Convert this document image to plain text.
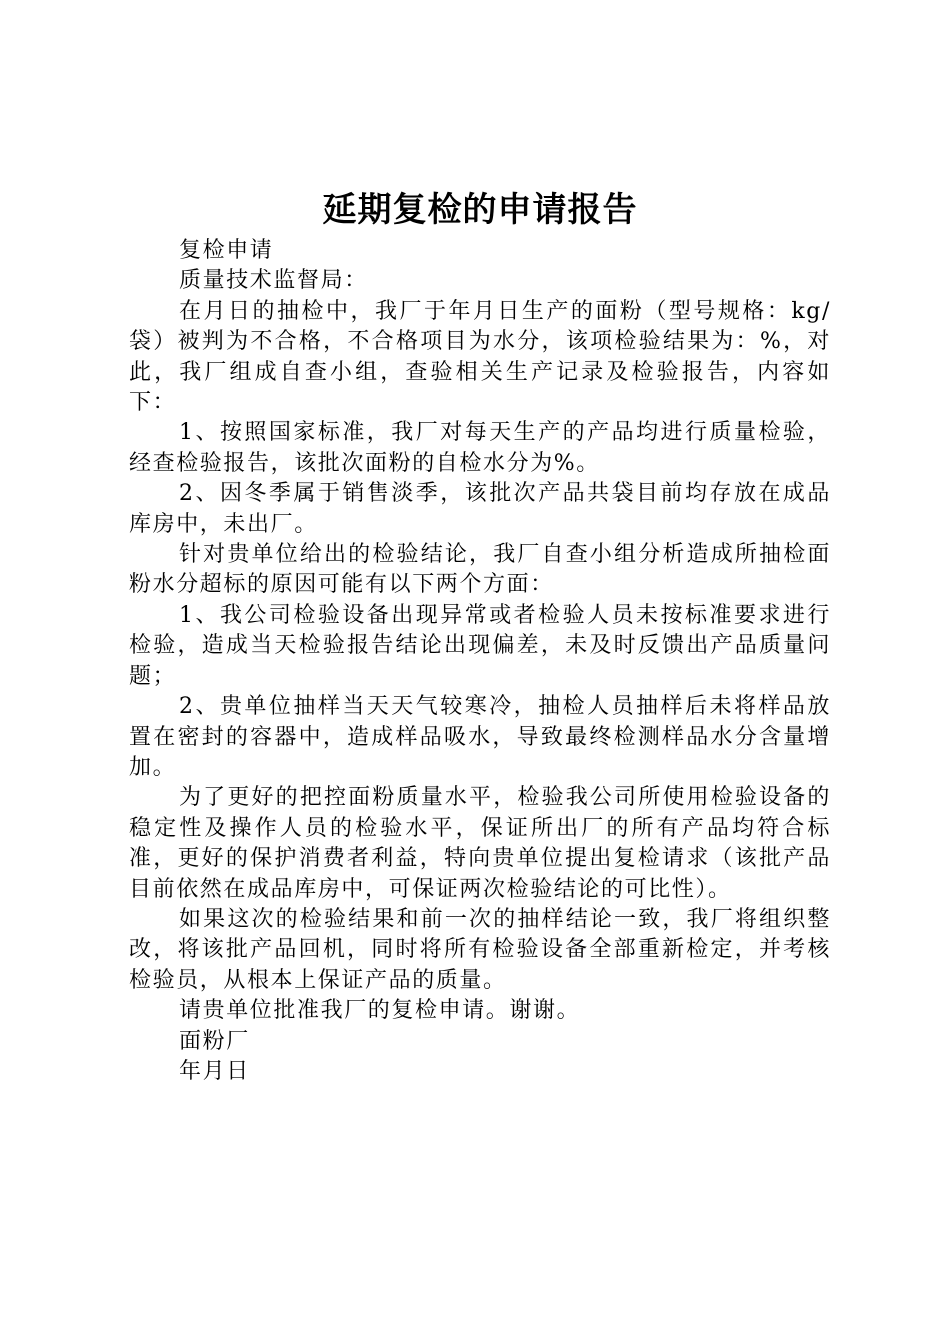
延期复检的申请报告

复检申请

质量技术监督局：

在月日的抽检中，我厂于年月日生产的面粉（型号规格：kg/袋）被判为不合格，不合格项目为水分，该项检验结果为：%，对此，我厂组成自查小组，查验相关生产记录及检验报告，内容如下：

1、按照国家标准，我厂对每天生产的产品均进行质量检验，经查检验报告，该批次面粉的自检水分为%。

2、因冬季属于销售淡季，该批次产品共袋目前均存放在成品库房中，未出厂。

针对贵单位给出的检验结论，我厂自查小组分析造成所抽检面粉水分超标的原因可能有以下两个方面：

1、我公司检验设备出现异常或者检验人员未按标准要求进行检验，造成当天检验报告结论出现偏差，未及时反馈出产品质量问题；

2、贵单位抽样当天天气较寒冷，抽检人员抽样后未将样品放置在密封的容器中，造成样品吸水，导致最终检测样品水分含量增加。

为了更好的把控面粉质量水平，检验我公司所使用检验设备的稳定性及操作人员的检验水平，保证所出厂的所有产品均符合标准，更好的保护消费者利益，特向贵单位提出复检请求（该批产品目前依然在成品库房中，可保证两次检验结论的可比性）。

如果这次的检验结果和前一次的抽样结论一致，我厂将组织整改，将该批产品回机，同时将所有检验设备全部重新检定，并考核检验员，从根本上保证产品的质量。

请贵单位批准我厂的复检申请。谢谢。

面粉厂

年月日
